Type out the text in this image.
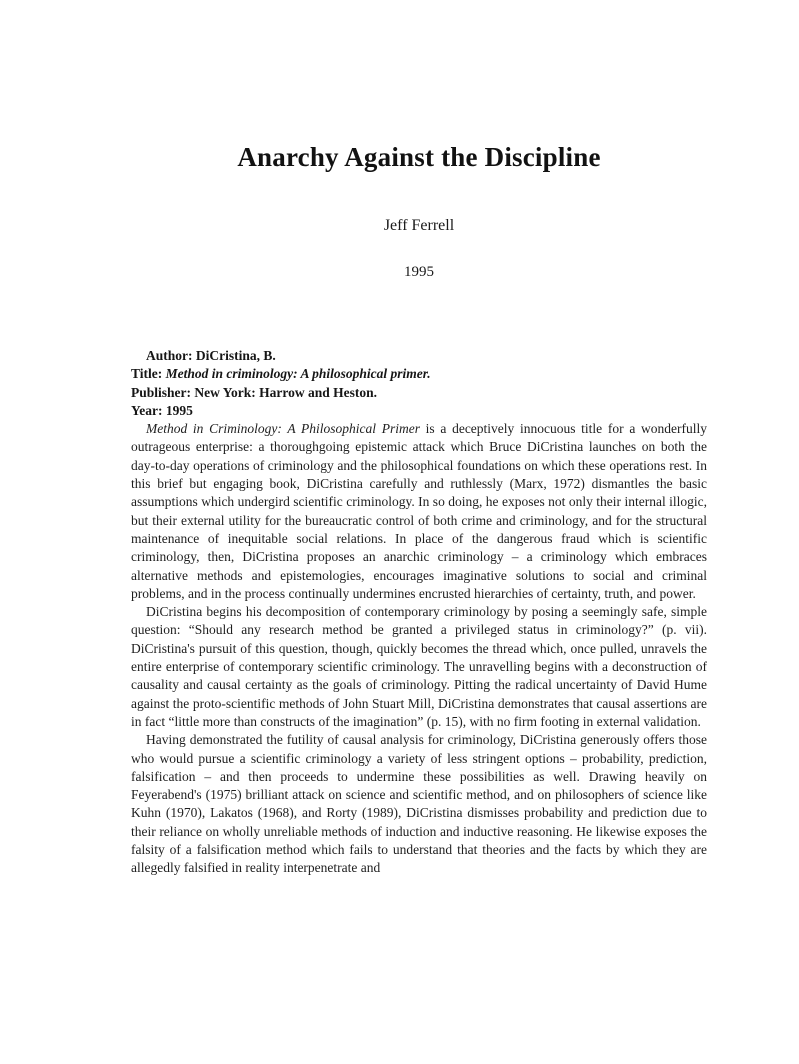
Anarchy Against the Discipline
Jeff Ferrell
1995

Author: DiCristina, B.

Title: Method in criminology: A philosophical primer.

Publisher: New York: Harrow and Heston.

Year: 1995

Method in Criminology: A Philosophical Primer is a deceptively innocuous title for a wonderfully outrageous enterprise: a thoroughgoing epistemic attack which Bruce DiCristina launches on both the day-to-day operations of criminology and the philosophical foundations on which these operations rest. In this brief but engaging book, DiCristina carefully and ruthlessly (Marx, 1972) dismantles the basic assumptions which undergird scientific criminology. In so doing, he exposes not only their internal illogic, but their external utility for the bureaucratic control of both crime and criminology, and for the structural maintenance of inequitable social relations. In place of the dangerous fraud which is scientific criminology, then, DiCristina proposes an anarchic criminology – a criminology which embraces alternative methods and epistemologies, encourages imaginative solutions to social and criminal problems, and in the process continually undermines encrusted hierarchies of certainty, truth, and power.

DiCristina begins his decomposition of contemporary criminology by posing a seemingly safe, simple question: “Should any research method be granted a privileged status in criminology?” (p. vii). DiCristina's pursuit of this question, though, quickly becomes the thread which, once pulled, unravels the entire enterprise of contemporary scientific criminology. The unravelling begins with a deconstruction of causality and causal certainty as the goals of criminology. Pitting the radical uncertainty of David Hume against the proto-scientific methods of John Stuart Mill, DiCristina demonstrates that causal assertions are in fact “little more than constructs of the imagination” (p. 15), with no firm footing in external validation.

Having demonstrated the futility of causal analysis for criminology, DiCristina generously offers those who would pursue a scientific criminology a variety of less stringent options – probability, prediction, falsification – and then proceeds to undermine these possibilities as well. Drawing heavily on Feyerabend's (1975) brilliant attack on science and scientific method, and on philosophers of science like Kuhn (1970), Lakatos (1968), and Rorty (1989), DiCristina dismisses probability and prediction due to their reliance on wholly unreliable methods of induction and inductive reasoning. He likewise exposes the falsity of a falsification method which fails to understand that theories and the facts by which they are allegedly falsified in reality interpenetrate and
